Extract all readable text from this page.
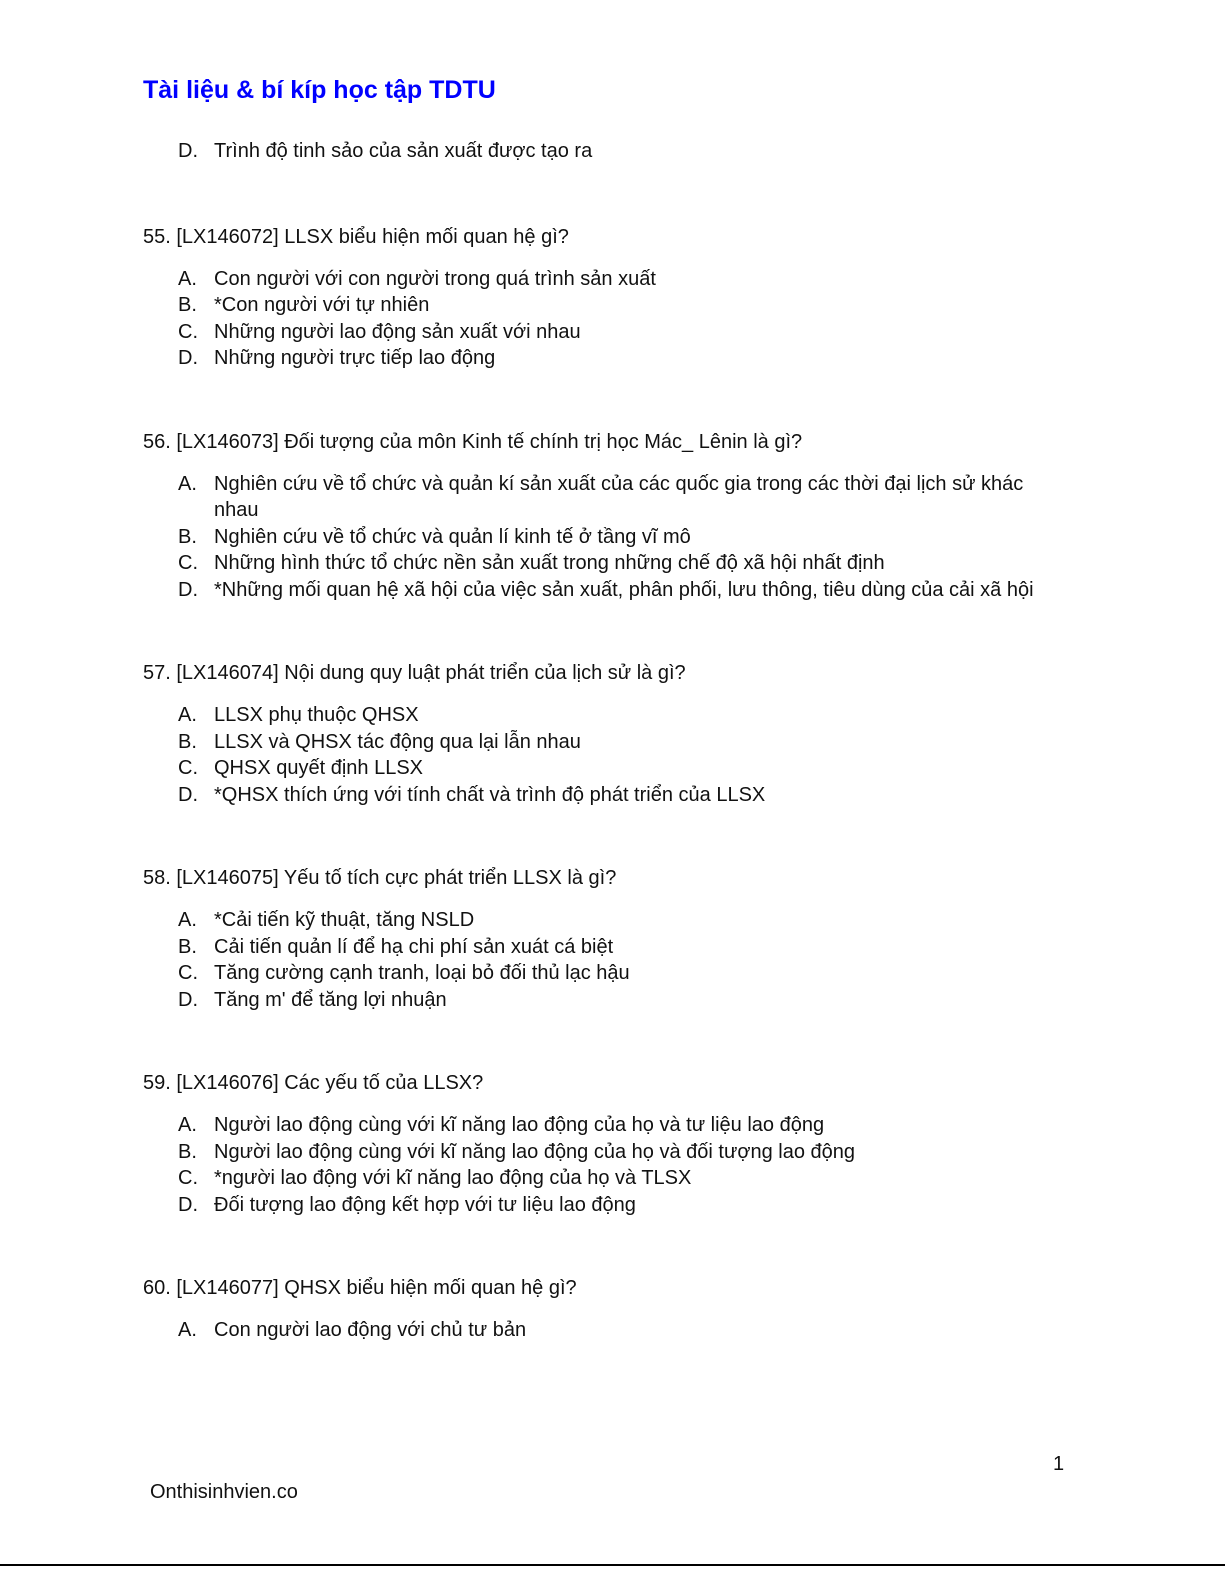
Tài liệu & bí kíp học tập TDTU
D. Trình độ tinh sảo của sản xuất được tạo ra

55. [LX146072] LLSX biểu hiện mối quan hệ gì?

A. Con người với con người trong quá trình sản xuất
B. *Con người với tự nhiên
C. Những người lao động sản xuất với nhau
D. Những người trực tiếp lao động

56. [LX146073] Đối tượng của môn Kinh tế chính trị học Mác_ Lênin là gì?

A. Nghiên cứu về tổ chức và quản kí sản xuất của các quốc gia trong các thời đại lịch sử khác nhau
B. Nghiên cứu về tổ chức và quản lí kinh tế ở tầng vĩ mô
C. Những hình thức tổ chức nền sản xuất trong những chế độ xã hội nhất định
D. *Những mối quan hệ xã hội của việc sản xuất, phân phối, lưu thông, tiêu dùng của cải xã hội

57. [LX146074] Nội dung quy luật phát triển của lịch sử là gì?

A. LLSX phụ thuộc QHSX
B. LLSX và QHSX tác động qua lại lẫn nhau
C. QHSX quyết định LLSX
D. *QHSX thích ứng với tính chất và trình độ phát triển của LLSX

58. [LX146075] Yếu tố tích cực phát triển LLSX là gì?

A. *Cải tiến kỹ thuật, tăng NSLD
B. Cải tiến quản lí để hạ chi phí sản xuát cá biệt
C. Tăng cường cạnh tranh, loại bỏ đối thủ lạc hậu
D. Tăng m' để tăng lợi nhuận

59. [LX146076] Các yếu tố của LLSX?

A. Người lao động cùng với kĩ năng lao động của họ và tư liệu lao động
B. Người lao động cùng với kĩ năng lao động của họ và đối tượng lao động
C. *người lao động với kĩ năng lao động của họ và TLSX
D. Đối tượng lao động kết hợp với tư liệu lao động

60. [LX146077] QHSX biểu hiện mối quan hệ gì?

A. Con người lao động với chủ tư bản
1
Onthisinhvien.co
